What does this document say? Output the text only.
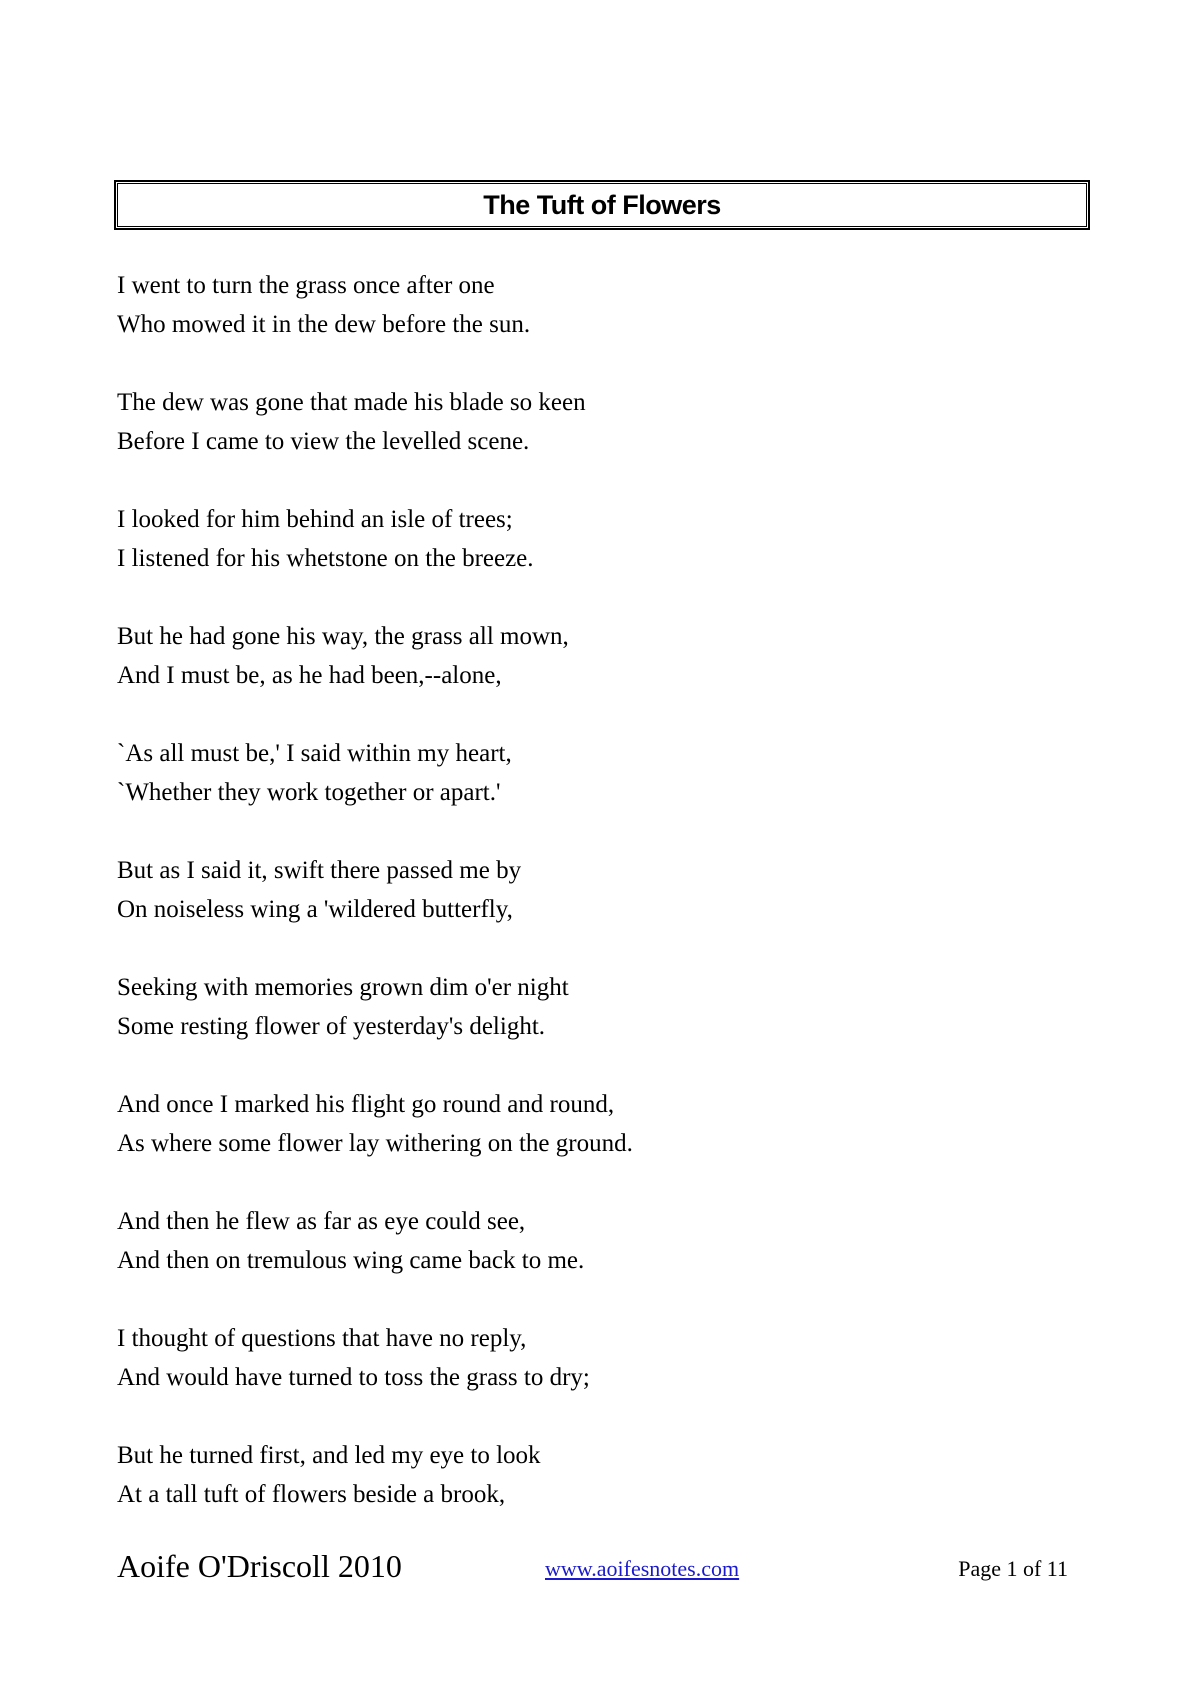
The Tuft of Flowers
I went to turn the grass once after one
Who mowed it in the dew before the sun.
The dew was gone that made his blade so keen
Before I came to view the levelled scene.
I looked for him behind an isle of trees;
I listened for his whetstone on the breeze.
But he had gone his way, the grass all mown,
And I must be, as he had been,--alone,
`As all must be,' I said within my heart,
`Whether they work together or apart.'
But as I said it, swift there passed me by
On noiseless wing a 'wildered butterfly,
Seeking with memories grown dim o'er night
Some resting flower of yesterday's delight.
And once I marked his flight go round and round,
As where some flower lay withering on the ground.
And then he flew as far as eye could see,
And then on tremulous wing came back to me.
I thought of questions that have no reply,
And would have turned to toss the grass to dry;
But he turned first, and led my eye to look
At a tall tuft of flowers beside a brook,
Aoife O'Driscoll 2010	www.aoifesnotes.com	Page 1 of 11
